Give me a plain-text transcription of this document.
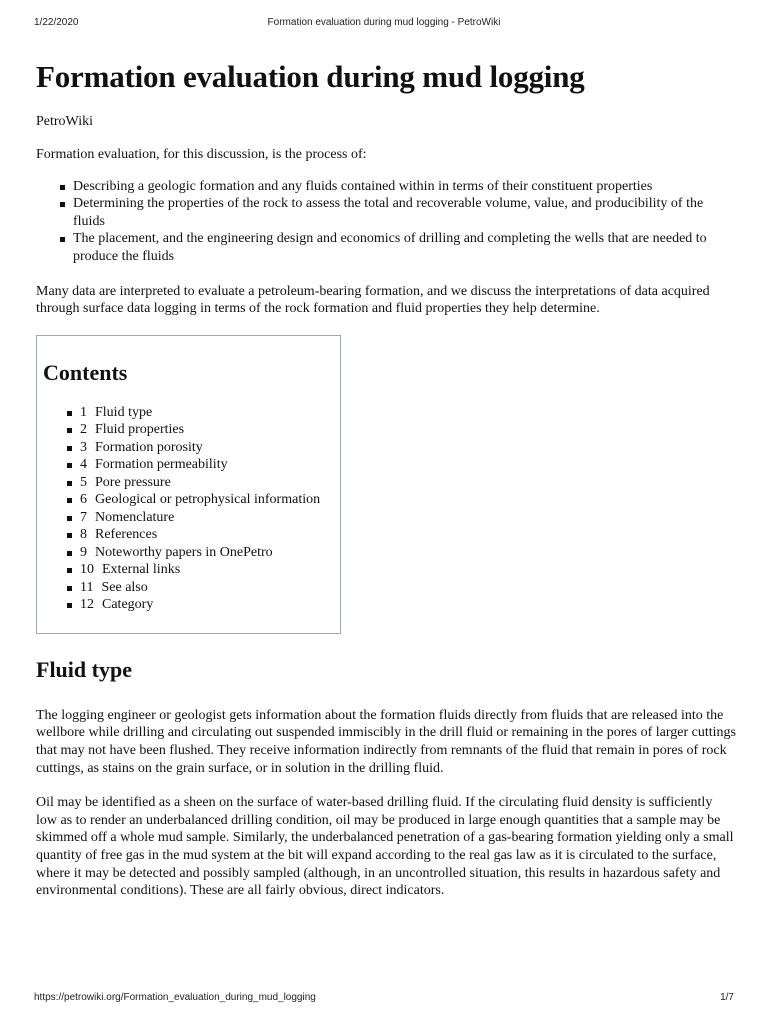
1/22/2020	Formation evaluation during mud logging - PetroWiki
Formation evaluation during mud logging
PetroWiki

Formation evaluation, for this discussion, is the process of:

Describing a geologic formation and any fluids contained within in terms of their constituent properties
Determining the properties of the rock to assess the total and recoverable volume, value, and producibility of the fluids
The placement, and the engineering design and economics of drilling and completing the wells that are needed to produce the fluids

Many data are interpreted to evaluate a petroleum-bearing formation, and we discuss the interpretations of data acquired through surface data logging in terms of the rock formation and fluid properties they help determine.

Contents
1 Fluid type
2 Fluid properties
3 Formation porosity
4 Formation permeability
5 Pore pressure
6 Geological or petrophysical information
7 Nomenclature
8 References
9 Noteworthy papers in OnePetro
10 External links
11 See also
12 Category
Fluid type

The logging engineer or geologist gets information about the formation fluids directly from fluids that are released into the wellbore while drilling and circulating out suspended immiscibly in the drill fluid or remaining in the pores of larger cuttings that may not have been flushed. They receive information indirectly from remnants of the fluid that remain in pores of rock cuttings, as stains on the grain surface, or in solution in the drilling fluid.

Oil may be identified as a sheen on the surface of water-based drilling fluid. If the circulating fluid density is sufficiently low as to render an underbalanced drilling condition, oil may be produced in large enough quantities that a sample may be skimmed off a whole mud sample. Similarly, the underbalanced penetration of a gas-bearing formation yielding only a small quantity of free gas in the mud system at the bit will expand according to the real gas law as it is circulated to the surface, where it may be detected and possibly sampled (although, in an uncontrolled situation, this results in hazardous safety and environmental conditions). These are all fairly obvious, direct indicators.

https://petrowiki.org/Formation_evaluation_during_mud_logging	1/7
